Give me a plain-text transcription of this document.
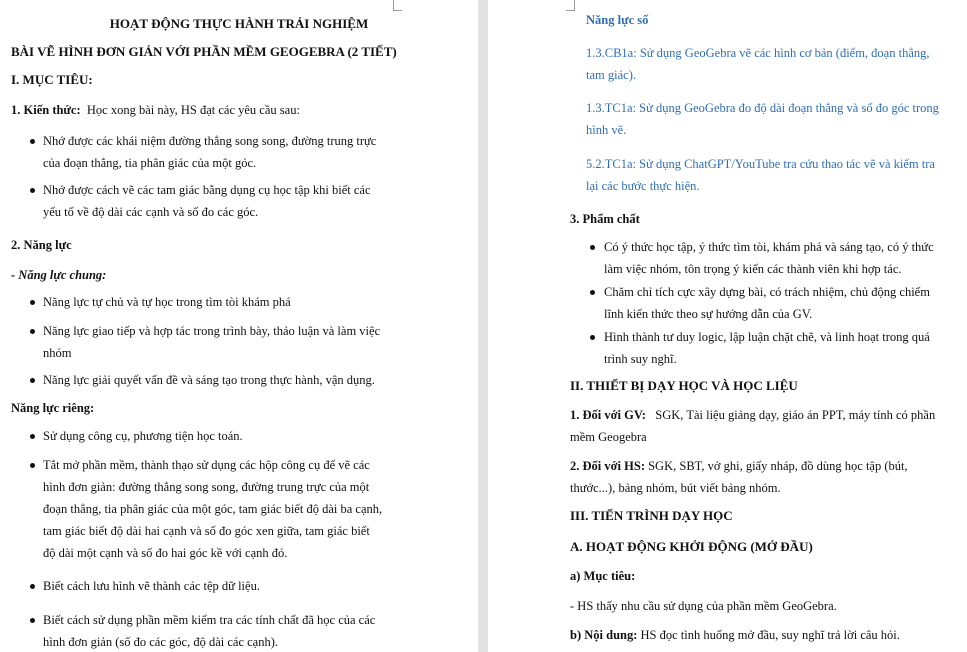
HOẠT ĐỘNG THỰC HÀNH TRẢI NGHIỆM
BÀI VẼ HÌNH ĐƠN GIẢN VỚI PHẦN MỀM GEOGEBRA (2 TIẾT)
I. MỤC TIÊU:
1. Kiến thức: Học xong bài này, HS đạt các yêu cầu sau:
Nhớ được các khái niệm đường thẳng song song, đường trung trực
của đoạn thẳng, tia phân giác của một góc.
Nhớ được cách vẽ các tam giác bằng dụng cụ học tập khi biết các
yếu tố về độ dài các cạnh và số đo các góc.
2. Năng lực
- Năng lực chung:
Năng lực tự chủ và tự học trong tìm tòi khám phá
Năng lực giao tiếp và hợp tác trong trình bày, thảo luận và làm việc
nhóm
Năng lực giải quyết vấn đề và sáng tạo trong thực hành, vận dụng.
Năng lực riêng:
Sử dụng công cụ, phương tiện học toán.
Tắt mở phần mềm, thành thạo sử dụng các hộp công cụ để vẽ các
hình đơn giản: đường thẳng song song, đường trung trực của một
đoạn thẳng, tia phân giác của một góc, tam giác biết độ dài ba cạnh,
tam giác biết độ dài hai cạnh và số đo góc xen giữa, tam giác biết
độ dài một cạnh và số đo hai góc kề với cạnh đó.
Biết cách lưu hình vẽ thành các tệp dữ liệu.
Biết cách sử dụng phần mềm kiểm tra các tính chất đã học của các
hình đơn giản (số đo các góc, độ dài các cạnh).
Năng lực số
1.3.CB1a: Sử dụng GeoGebra vẽ các hình cơ bản (điểm, đoạn thẳng,
tam giác).
1.3.TC1a: Sử dụng GeoGebra đo độ dài đoạn thẳng và số đo góc trong
hình vẽ.
5.2.TC1a: Sử dụng ChatGPT/YouTube tra cứu thao tác vẽ và kiểm tra
lại các bước thực hiện.
3. Phẩm chất
Có ý thức học tập, ý thức tìm tòi, khám phá và sáng tạo, có ý thức
làm việc nhóm, tôn trọng ý kiến các thành viên khi hợp tác.
Chăm chỉ tích cực xây dựng bài, có trách nhiệm, chủ động chiếm
lĩnh kiến thức theo sự hướng dẫn của GV.
Hình thành tư duy logic, lập luận chặt chẽ, và linh hoạt trong quá
trình suy nghĩ.
II. THIẾT BỊ DẠY HỌC VÀ HỌC LIỆU
1. Đối với GV: SGK, Tài liệu giảng dạy, giáo án PPT, máy tính có phần
mềm Geogebra
2. Đối với HS: SGK, SBT, vở ghi, giấy nháp, đồ dùng học tập (bút,
thước...), bảng nhóm, bút viết bảng nhóm.
III. TIẾN TRÌNH DẠY HỌC
A. HOẠT ĐỘNG KHỞI ĐỘNG (MỞ ĐẦU)
a) Mục tiêu:
- HS thấy nhu cầu sử dụng của phần mềm GeoGebra.
b) Nội dung: HS đọc tình huống mở đầu, suy nghĩ trả lời câu hỏi.
